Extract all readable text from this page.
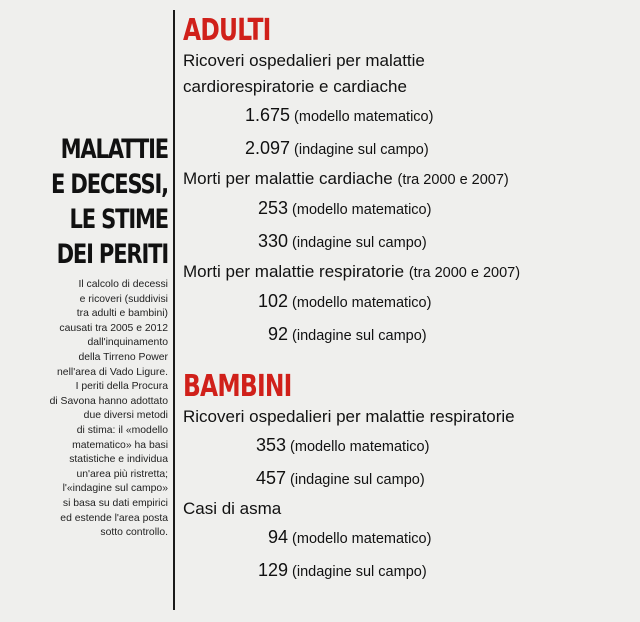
MALATTIE
E DECESSI,
LE STIME
DEI PERITI
Il calcolo di decessi
e ricoveri (suddivisi
tra adulti e bambini)
causati tra 2005 e 2012
dall'inquinamento
della Tirreno Power
nell'area di Vado Ligure.
I periti della Procura
di Savona hanno adottato
due diversi metodi
di stima: il «modello
matematico» ha basi
statistiche e individua
un'area più ristretta;
l'«indagine sul campo»
si basa su dati empirici
ed estende l'area posta
sotto controllo.
ADULTI
Ricoveri ospedalieri per malattie
cardiorespiratorie e cardiache
1.675 (modello matematico)
2.097 (indagine sul campo)
Morti per malattie cardiache (tra 2000 e 2007)
253 (modello matematico)
330 (indagine sul campo)
Morti per malattie respiratorie (tra 2000 e 2007)
102 (modello matematico)
92 (indagine sul campo)
BAMBINI
Ricoveri ospedalieri per malattie respiratorie
353 (modello matematico)
457 (indagine sul campo)
Casi di asma
94 (modello matematico)
129 (indagine sul campo)
